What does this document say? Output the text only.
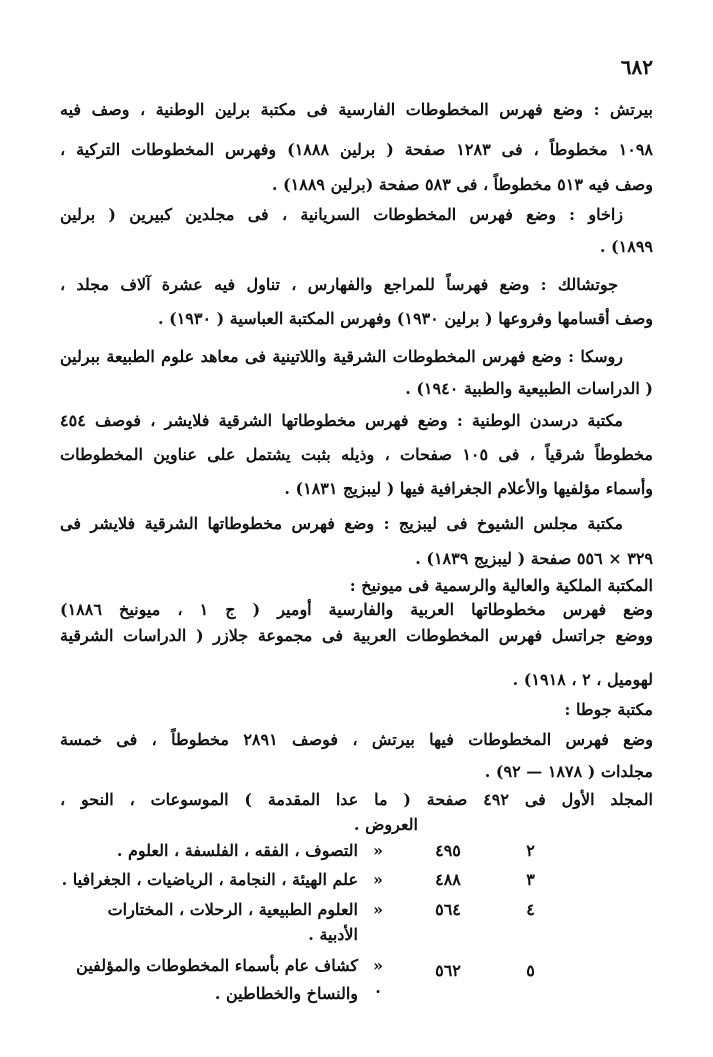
٦٨٢
بيرتش : وضع فهرس المخطوطات الفارسية فى مكتبة برلين الوطنية ، وصف فيه
١٠٩٨ مخطوطاً ، فى ١٢٨٣ صفحة ( برلين ١٨٨٨) وفهرس المخطوطات التركية ،
وصف فيه ٥١٣ مخطوطاً ، فى ٥٨٣ صفحة (برلين ١٨٨٩) .
زاخاو : وضع فهرس المخطوطات السريانية ، فى مجلدين كبيرين ( برلين
١٨٩٩) .
جوتشالك : وضع فهرساً للمراجع والفهارس ، تناول فيه عشرة آلاف مجلد ،
وصف أقسامها وفروعها ( برلين ١٩٣٠) وفهرس المكتبة العباسية ( ١٩٣٠) .
روسكا : وضع فهرس المخطوطات الشرقية واللاتينية فى معاهد علوم الطبيعة ببرلين
( الدراسات الطبيعية والطبية ١٩٤٠) .
مكتبة درسدن الوطنية : وضع فهرس مخطوطاتها الشرقية فلايشر ، فوصف ٤٥٤
مخطوطاً شرقياً ، فى ١٠٥ صفحات ، وذيله بثبت يشتمل على عناوين المخطوطات
وأسماء مؤلفيها والأعلام الجغرافية فيها ( ليبزيج ١٨٣١) .
مكتبة مجلس الشيوخ فى ليبزيج : وضع فهرس مخطوطاتها الشرقية فلايشر فى
٣٢٩ × ٥٥٦ صفحة ( ليبزيج ١٨٣٩) .
المكتبة الملكية والعالية والرسمية فى ميونيخ :
وضع فهرس مخطوطاتها العربية والفارسية أومير ( ج ١ ، ميونيخ ١٨٨٦)
ووضع جراتسل فهرس المخطوطات العربية فى مجموعة جلازر ( الدراسات الشرقية
لهوميل ، ٢ ، ١٩١٨) .
مكتبة جوطا :
وضع فهرس المخطوطات فيها بيرتش ، فوصف ٢٨٩١ مخطوطاً ، فى خمسة
مجلدات ( ١٨٧٨ — ٩٢) .
المجلد الأول فى ٤٩٢ صفحة ( ما عدا المقدمة ) الموسوعات ، النحو ،
العروض .
٢
٤٩٥
«
التصوف ، الفقه ، الفلسفة ، العلوم .
٣
٤٨٨
«
علم الهيئة ، النجامة ، الرياضيات ، الجغرافيا .
٤
٥٦٤
«
العلوم الطبيعية ، الرحلات ، المختارات
الأدبية .
٥
٥٦٢
« .
كشاف عام بأسماء المخطوطات والمؤلفين
والنساخ والخطاطين .
